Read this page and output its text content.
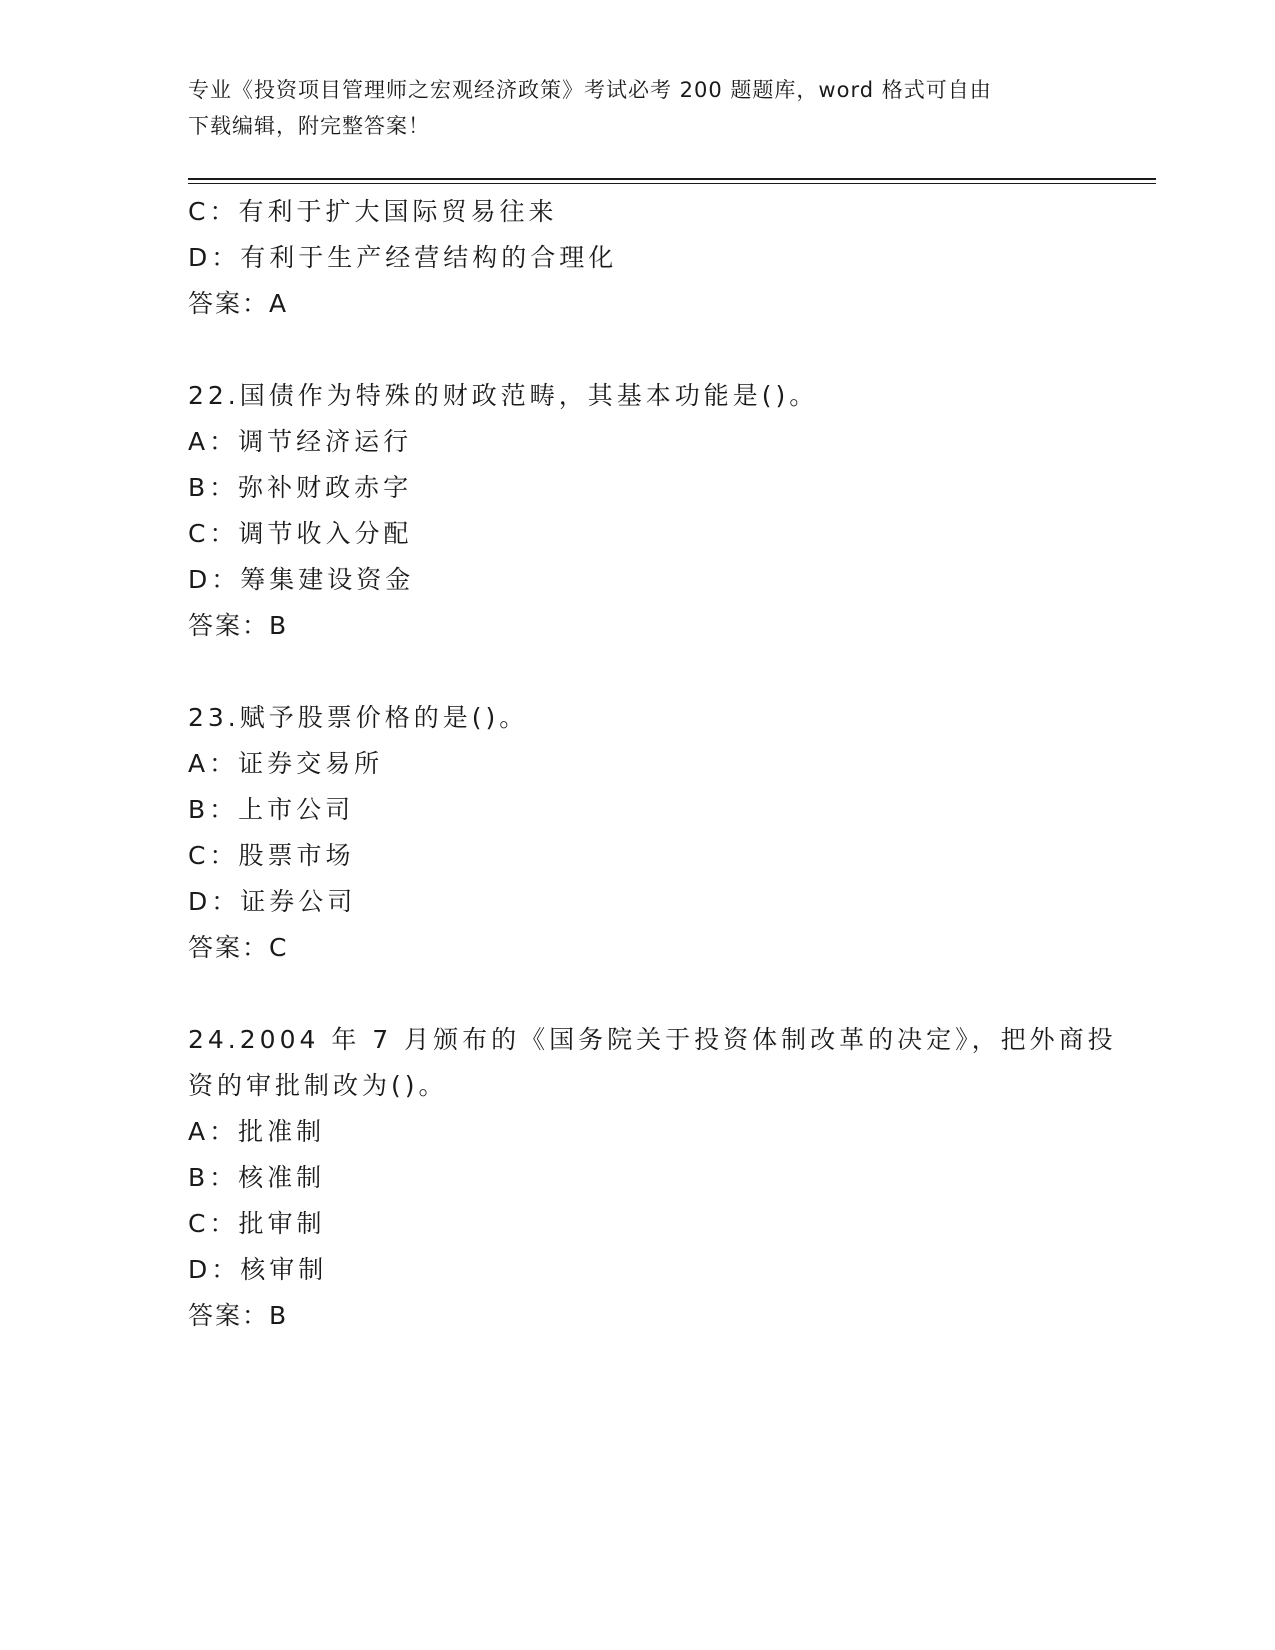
专业《投资项目管理师之宏观经济政策》考试必考 200 题题库，word 格式可自由
下载编辑，附完整答案！
C：有利于扩大国际贸易往来
D：有利于生产经营结构的合理化
答案：A
22.国债作为特殊的财政范畴，其基本功能是()。
A：调节经济运行
B：弥补财政赤字
C：调节收入分配
D：筹集建设资金
答案：B
23.赋予股票价格的是()。
A：证券交易所
B：上市公司
C：股票市场
D：证券公司
答案：C
24.2004 年 7 月颁布的《国务院关于投资体制改革的决定》，把外商投
资的审批制改为()。
A：批准制
B：核准制
C：批审制
D：核审制
答案：B
